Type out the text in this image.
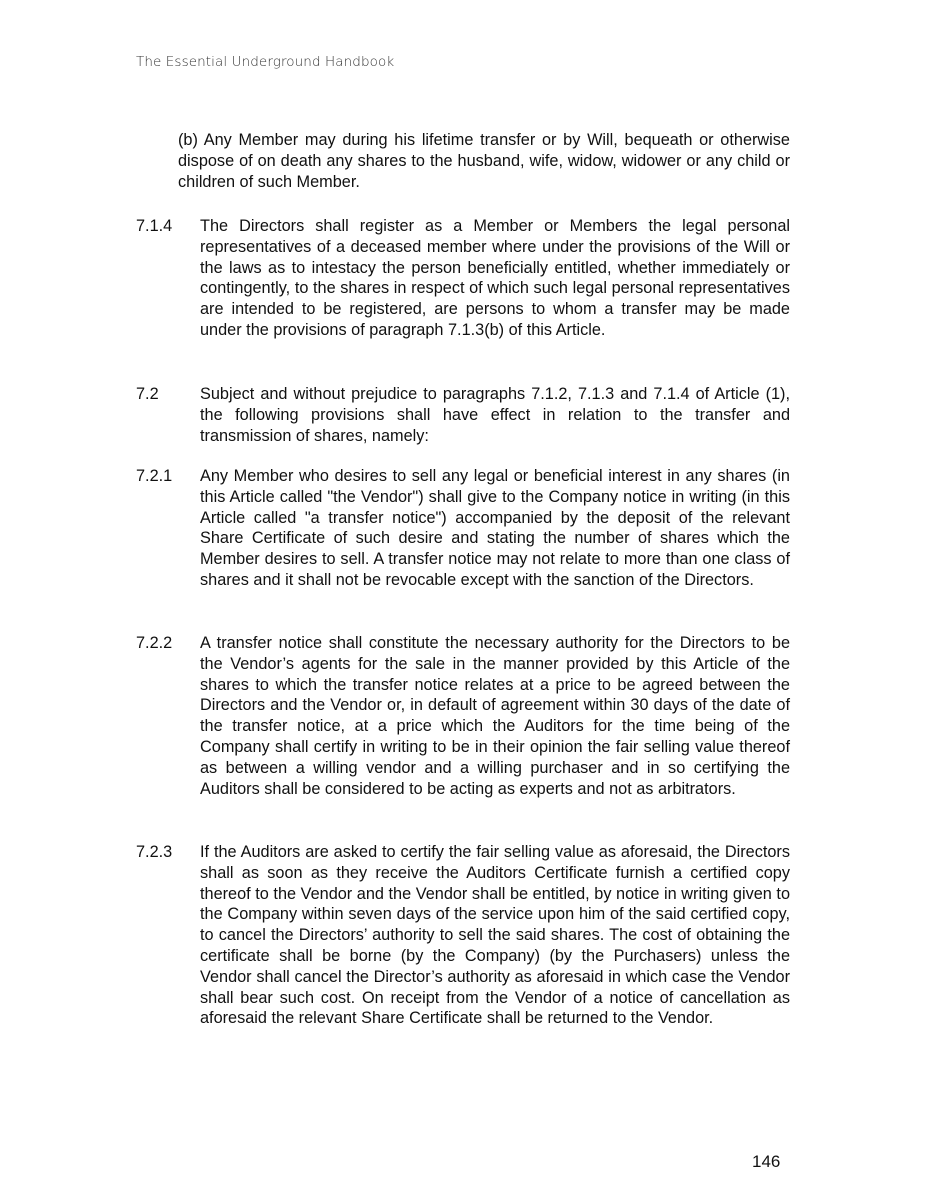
The Essential Underground Handbook
(b) Any Member may during his lifetime transfer or by Will, bequeath or otherwise dispose of on death any shares to the husband, wife, widow, widower or any child or children of such Member.
7.1.4 The Directors shall register as a Member or Members the legal personal representatives of a deceased member where under the provisions of the Will or the laws as to intestacy the person beneficially entitled, whether immediately or contingently, to the shares in respect of which such legal personal representatives are intended to be registered, are persons to whom a transfer may be made under the provisions of paragraph 7.1.3(b) of this Article.
7.2	Subject and without prejudice to paragraphs 7.1.2, 7.1.3 and 7.1.4 of Article (1), the following provisions shall have effect in relation to the transfer and transmission of shares, namely:
7.2.1 Any Member who desires to sell any legal or beneficial interest in any shares (in this Article called "the Vendor") shall give to the Company notice in writing (in this Article called "a transfer notice") accompanied by the deposit of the relevant Share Certificate of such desire and stating the number of shares which the Member desires to sell. A transfer notice may not relate to more than one class of shares and it shall not be revocable except with the sanction of the Directors.
7.2.2 A transfer notice shall constitute the necessary authority for the Directors to be the Vendor’s agents for the sale in the manner provided by this Article of the shares to which the transfer notice relates at a price to be agreed between the Directors and the Vendor or, in default of agreement within 30 days of the date of the transfer notice, at a price which the Auditors for the time being of the Company shall certify in writing to be in their opinion the fair selling value thereof as between a willing vendor and a willing purchaser and in so certifying the Auditors shall be considered to be acting as experts and not as arbitrators.
7.2.3 If the Auditors are asked to certify the fair selling value as aforesaid, the Directors shall as soon as they receive the Auditors Certificate furnish a certified copy thereof to the Vendor and the Vendor shall be entitled, by notice in writing given to the Company within seven days of the service upon him of the said certified copy, to cancel the Directors’ authority to sell the said shares. The cost of obtaining the certificate shall be borne (by the Company) (by the Purchasers) unless the Vendor shall cancel the Director’s authority as aforesaid in which case the Vendor shall bear such cost. On receipt from the Vendor of a notice of cancellation as aforesaid the relevant Share Certificate shall be returned to the Vendor.
146
